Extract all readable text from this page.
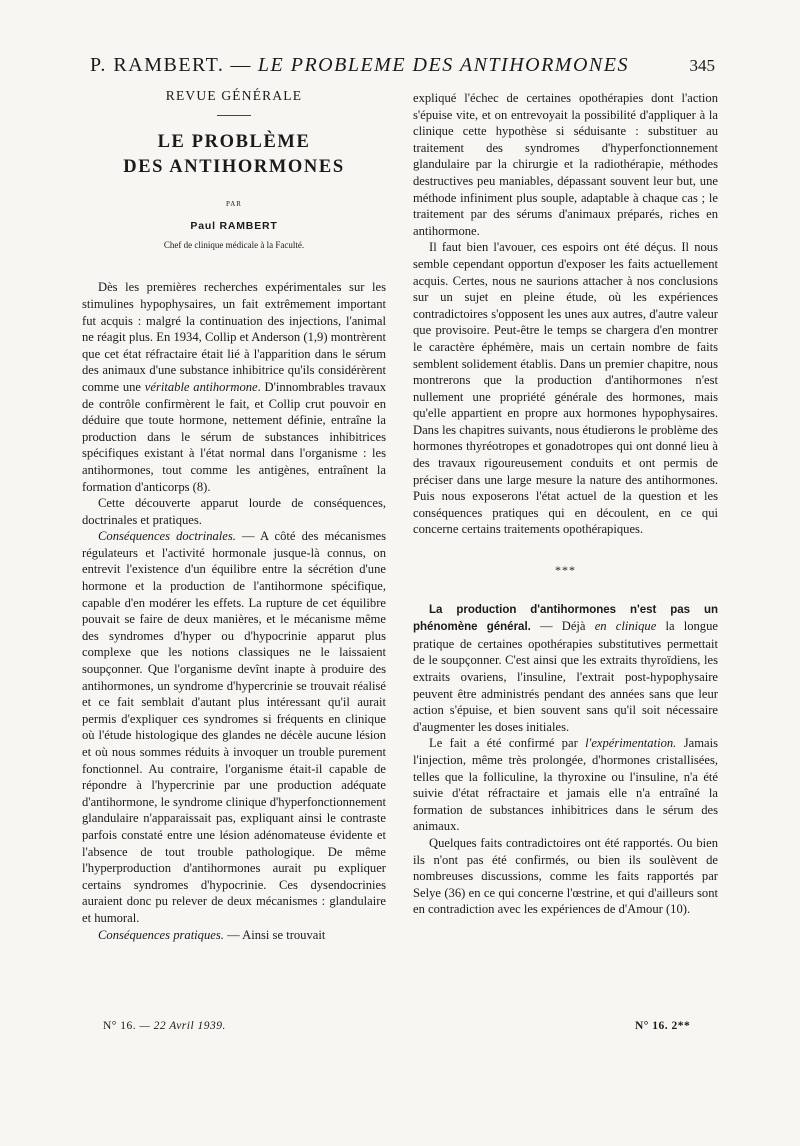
P. RAMBERT. — LE PROBLEME DES ANTIHORMONES	345

REVUE GÉNÉRALE

LE PROBLÈME

DES ANTIHORMONES

PAR

Paul RAMBERT

Chef de clinique médicale à la Faculté.

Dès les premières recherches expérimentales sur les stimulines hypophysaires, un fait extrêmement important fut acquis : malgré la continuation des injections, l'animal ne réagit plus. En 1934, Collip et Anderson (1,9) montrèrent que cet état réfractaire était lié à l'apparition dans le sérum des animaux d'une substance inhibitrice qu'ils considérèrent comme une véritable antihormone. D'innombrables travaux de contrôle confirmèrent le fait, et Collip crut pouvoir en déduire que toute hormone, nettement définie, entraîne la production dans le sérum de substances inhibitrices spécifiques existant à l'état normal dans l'organisme : les antihormones, tout comme les antigènes, entraînent la formation d'anticorps (8).

Cette découverte apparut lourde de conséquences, doctrinales et pratiques.

Conséquences doctrinales. — A côté des mécanismes régulateurs et l'activité hormonale jusque-là connus, on entrevit l'existence d'un équilibre entre la sécrétion d'une hormone et la production de l'antihormone spécifique, capable d'en modérer les effets. La rupture de cet équilibre pouvait se faire de deux manières, et le mécanisme même des syndromes d'hyper ou d'hypocrinie apparut plus complexe que les notions classiques ne le laissaient soupçonner. Que l'organisme devînt inapte à produire des antihormones, un syndrome d'hypercrinie se trouvait réalisé et ce fait semblait d'autant plus intéressant qu'il aurait permis d'expliquer ces syndromes si fréquents en clinique où l'étude histologique des glandes ne décèle aucune lésion et où nous sommes réduits à invoquer un trouble purement fonctionnel. Au contraire, l'organisme était-il capable de répondre à l'hypercrinie par une production adéquate d'antihormone, le syndrome clinique d'hyperfonctionnement glandulaire n'apparaissait pas, expliquant ainsi le contraste parfois constaté entre une lésion adénomateuse évidente et l'absence de tout trouble pathologique. De même l'hyperproduction d'antihormones aurait pu expliquer certains syndromes d'hypocrinie. Ces dysendocrinies auraient donc pu relever de deux mécanismes : glandulaire et humoral.

Conséquences pratiques. — Ainsi se trouvait

expliqué l'échec de certaines opothérapies dont l'action s'épuise vite, et on entrevoyait la possibilité d'appliquer à la clinique cette hypothèse si séduisante : substituer au traitement des syndromes d'hyperfonctionnement glandulaire par la chirurgie et la radiothérapie, méthodes destructives peu maniables, dépassant souvent leur but, une méthode infiniment plus souple, adaptable à chaque cas ; le traitement par des sérums d'animaux préparés, riches en antihormone.

Il faut bien l'avouer, ces espoirs ont été déçus. Il nous semble cependant opportun d'exposer les faits actuellement acquis. Certes, nous ne saurions attacher à nos conclusions sur un sujet en pleine étude, où les expériences contradictoires s'opposent les unes aux autres, d'autre valeur que provisoire. Peut-être le temps se chargera d'en montrer le caractère éphémère, mais un certain nombre de faits semblent solidement établis. Dans un premier chapitre, nous montrerons que la production d'antihormones n'est nullement une propriété générale des hormones, mais qu'elle appartient en propre aux hormones hypophysaires. Dans les chapitres suivants, nous étudierons le problème des hormones thyréotropes et gonadotropes qui ont donné lieu à des travaux rigoureusement conduits et ont permis de préciser dans une large mesure la nature des antihormones. Puis nous exposerons l'état actuel de la question et les conséquences pratiques qui en découlent, en ce qui concerne certains traitements opothérapiques.

***

La production d'antihormones n'est pas un phénomène général. — Déjà en clinique la longue pratique de certaines opothérapies substitutives permettait de le soupçonner. C'est ainsi que les extraits thyroïdiens, les extraits ovariens, l'insuline, l'extrait post-hypophysaire peuvent être administrés pendant des années sans que leur action s'épuise, et bien souvent sans qu'il soit nécessaire d'augmenter les doses initiales.

Le fait a été confirmé par l'expérimentation. Jamais l'injection, même très prolongée, d'hormones cristallisées, telles que la folliculine, la thyroxine ou l'insuline, n'a été suivie d'état réfractaire et jamais elle n'a entraîné la formation de substances inhibitrices dans le sérum des animaux.

Quelques faits contradictoires ont été rapportés. Ou bien ils n'ont pas été confirmés, ou bien ils soulèvent de nombreuses discussions, comme les faits rapportés par Selye (36) en ce qui concerne l'œstrine, et qui d'ailleurs sont en contradiction avec les expériences de d'Amour (10).

N° 16. — 22 Avril 1939.	N° 16. 2**
